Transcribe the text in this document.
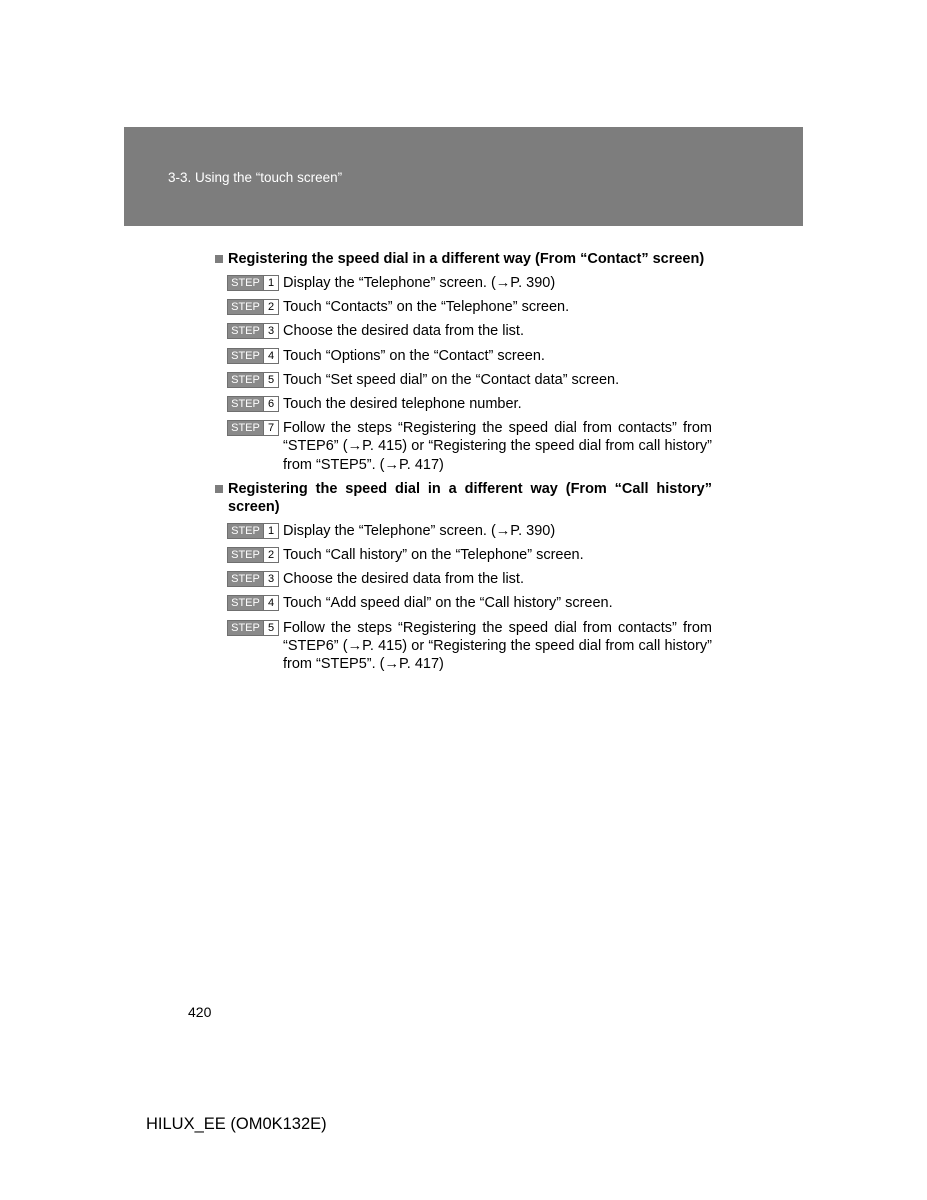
3-3. Using the “touch screen”

Registering the speed dial in a different way (From “Contact” screen)

STEP 1 Display the “Telephone” screen. (→P. 390)
STEP 2 Touch “Contacts” on the “Telephone” screen.
STEP 3 Choose the desired data from the list.
STEP 4 Touch “Options” on the “Contact” screen.
STEP 5 Touch “Set speed dial” on the “Contact data” screen.
STEP 6 Touch the desired telephone number.
STEP 7 Follow the steps “Registering the speed dial from contacts” from “STEP6” (→P. 415) or “Registering the speed dial from call history” from “STEP5”. (→P. 417)

Registering the speed dial in a different way (From “Call history” screen)

STEP 1 Display the “Telephone” screen. (→P. 390)
STEP 2 Touch “Call history” on the “Telephone” screen.
STEP 3 Choose the desired data from the list.
STEP 4 Touch “Add speed dial” on the “Call history” screen.
STEP 5 Follow the steps “Registering the speed dial from contacts” from “STEP6” (→P. 415) or “Registering the speed dial from call history” from “STEP5”. (→P. 417)
420
HILUX_EE (OM0K132E)
